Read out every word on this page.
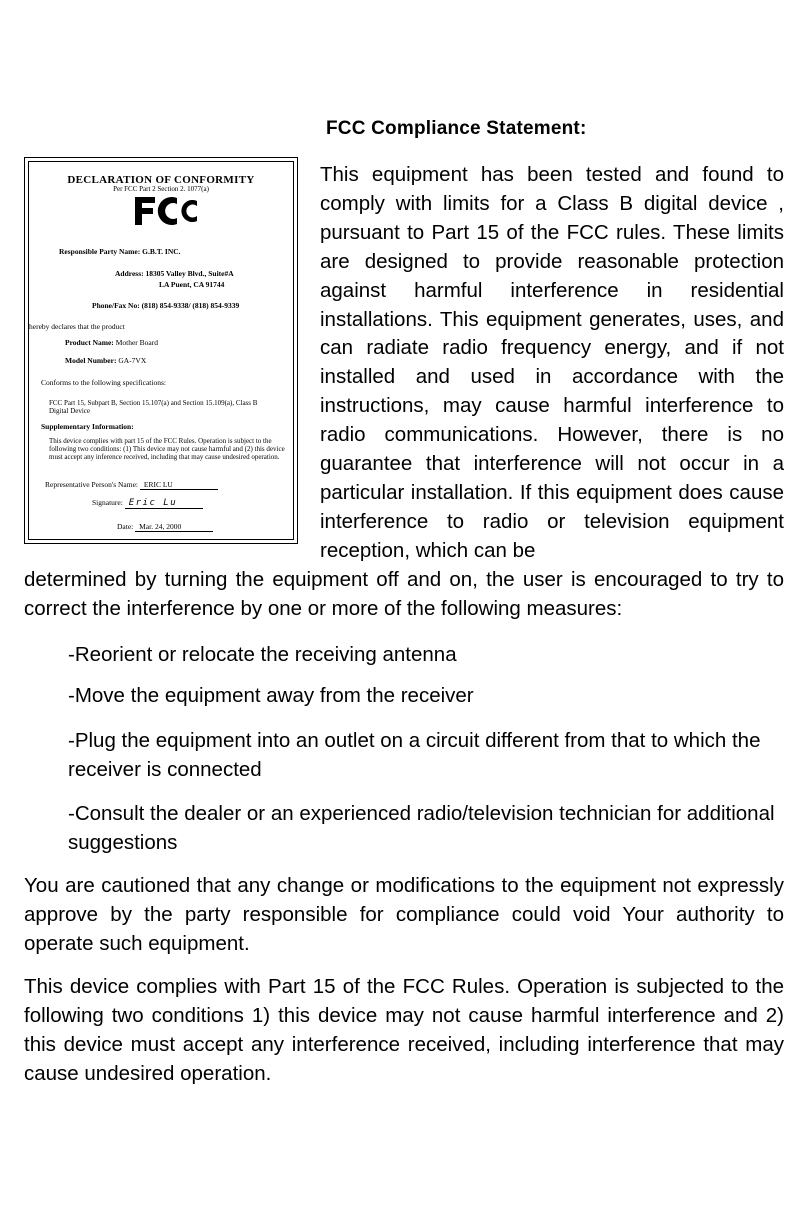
FCC Compliance Statement:
DECLARATION OF CONFORMITY
Per FCC Part 2 Section 2. 1077(a)
Responsible Party Name: G.B.T. INC.
Address: 18305 Valley Blvd., Suite#A
LA Puent, CA 91744
Phone/Fax No: (818) 854-9338/ (818) 854-9339
hereby declares that the product
Product Name: Mother Board
Model Number: GA-7VX
Conforms to the following specifications:
FCC Part 15, Subpart B, Section 15.107(a) and Section 15.109(a), Class B Digital Device
Supplementary Information:
This device complies with part 15 of the FCC Rules. Operation is subject to the following two conditions: (1) This device may not cause harmful and (2) this device must accept any inference received, including that may cause undesired operation.
Representative Person's Name: ERIC LU
Signature: Eric Lu
Date: Mar. 24, 2000
This equipment has been tested and found to comply with limits for a Class B digital device , pursuant to Part 15 of the FCC rules. These limits are designed to provide reasonable protection against harmful interference in residential installations. This equipment generates, uses, and can radiate radio frequency energy, and if not installed and used in accordance with the instructions, may cause harmful interference to radio communications. However, there is no guarantee that interference will not occur in a particular installation. If this equipment does cause interference to radio or television equipment reception, which can be
determined by turning the equipment off and on, the user is encouraged to try to correct the interference by one or more of the following measures:
-Reorient or relocate the receiving antenna
-Move the equipment away from the receiver
-Plug the equipment into an outlet on a circuit different from that to which the receiver is connected
-Consult the dealer or an experienced radio/television technician for additional suggestions
You are cautioned that any change or modifications to the equipment not expressly approve by the party responsible for compliance could void Your authority to operate such equipment.
This device complies with Part 15 of the FCC Rules. Operation is subjected to the following two conditions 1) this device may not cause harmful interference and 2) this device must accept any interference received, including interference that may cause undesired operation.
